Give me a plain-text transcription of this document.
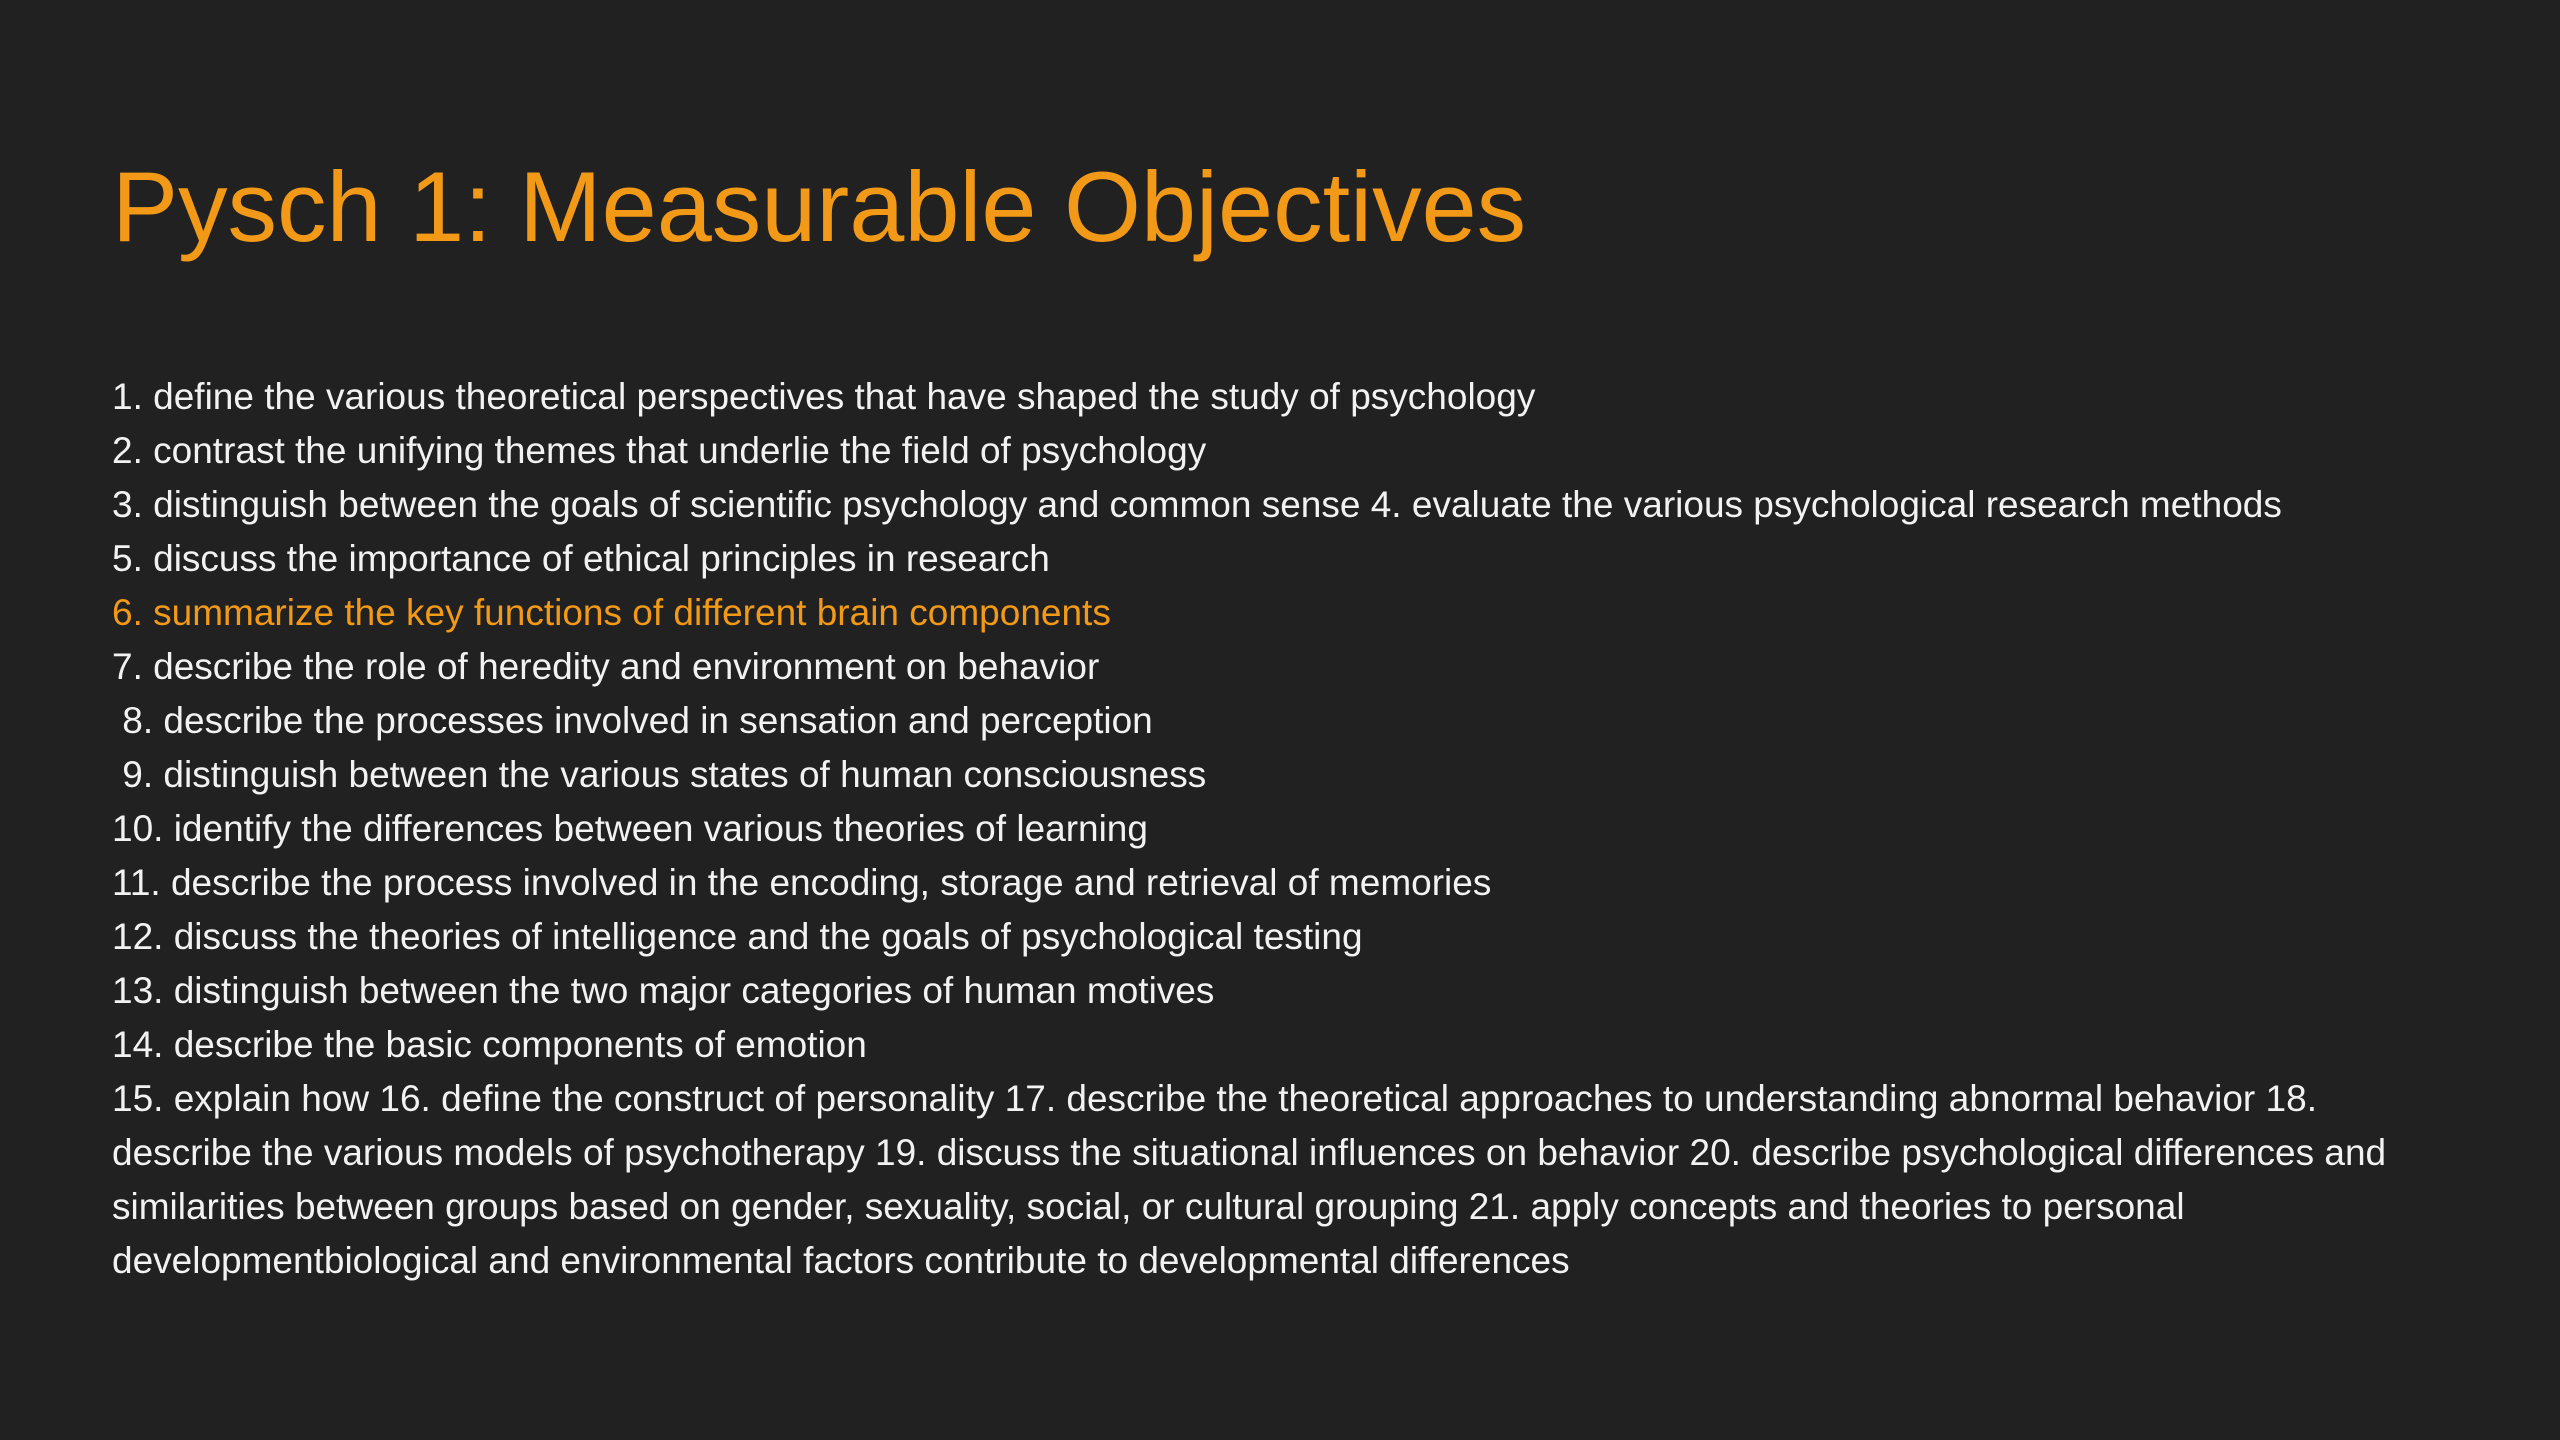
Pysch 1: Measurable Objectives
1. define the various theoretical perspectives that have shaped the study of psychology
2. contrast the unifying themes that underlie the field of psychology
3. distinguish between the goals of scientific psychology and common sense 4. evaluate the various psychological research methods
5. discuss the importance of ethical principles in research
6. summarize the key functions of different brain components
7. describe the role of heredity and environment on behavior
8. describe the processes involved in sensation and perception
9. distinguish between the various states of human consciousness
10. identify the differences between various theories of learning
11. describe the process involved in the encoding, storage and retrieval of memories
12. discuss the theories of intelligence and the goals of psychological testing
13. distinguish between the two major categories of human motives
14. describe the basic components of emotion
15. explain how 16. define the construct of personality 17. describe the theoretical approaches to understanding abnormal behavior 18. describe the various models of psychotherapy 19. discuss the situational influences on behavior 20. describe psychological differences and similarities between groups based on gender, sexuality, social, or cultural grouping 21. apply concepts and theories to personal developmentbiological and environmental factors contribute to developmental differences
